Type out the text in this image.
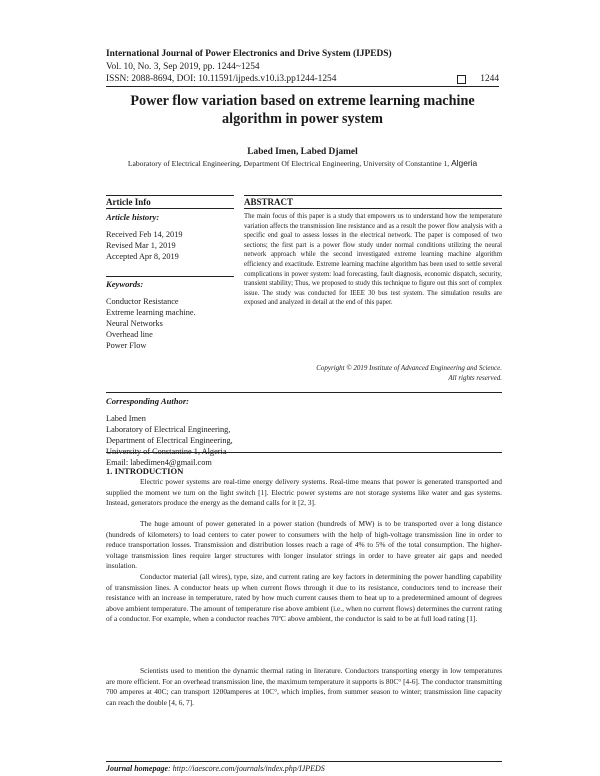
International Journal of Power Electronics and Drive System (IJPEDS)
Vol. 10, No. 3, Sep 2019, pp. 1244~1254
ISSN: 2088-8694, DOI: 10.11591/ijpeds.v10.i3.pp1244-1254	1244
Power flow variation based on extreme learning machine
algorithm in power system
Labed Imen, Labed Djamel
Laboratory of Electrical Engineering, Department Of Electrical Engineering, University of Constantine 1, Algeria
Article Info	ABSTRACT
Article history:
Received Feb 14, 2019
Revised Mar 1, 2019
Accepted Apr 8, 2019
Keywords:
Conductor Resistance
Extreme learning machine.
Neural Networks
Overhead line
Power Flow
The main focus of this paper is a study that empowers us to understand how the temperature variation affects the transmission line resistance and as a result the power flow analysis with a specific end goal to assess losses in the electrical network. The paper is composed of two sections; the first part is a power flow study under normal conditions utilizing the neural network approach while the second investigated extreme learning machine algorithm efficiency and exactitude. Extreme learning machine algorithm has been used to settle several complications in power system: load forecasting, fault diagnosis, economic dispatch, security, transient stability; Thus, we proposed to study this technique to figure out this sort of complex issue. The study was conducted for IEEE 30 bus test system. The simulation results are exposed and analyzed in detail at the end of this paper.
Copyright © 2019 Institute of Advanced Engineering and Science.
All rights reserved.
Corresponding Author:
Labed Imen
Laboratory of Electrical Engineering,
Department of Electrical Engineering,
University of Constantine 1, Algeria
Email: labedimen4@gmail.com
1. INTRODUCTION
Electric power systems are real-time energy delivery systems. Real-time means that power is generated transported and supplied the moment we turn on the light switch [1]. Electric power systems are not storage systems like water and gas systems. Instead, generators produce the energy as the demand calls for it [2, 3].
The huge amount of power generated in a power station (hundreds of MW) is to be transported over a long distance (hundreds of kilometers) to load centers to cater power to consumers with the help of high-voltage transmission line in order to reduce transportation losses. Transmission and distribution losses reach a rage of 4% to 5% of the total consumption. The higher-voltage transmission lines require larger structures with longer insulator strings in order to have greater air gaps and needed insulation.
Conductor material (all wires), type, size, and current rating are key factors in determining the power handling capability of transmission lines. A conductor heats up when current flows through it due to its resistance, conductors tend to increase their resistance with an increase in temperature, rated by how much current causes them to heat up to a predetermined amount of degrees above ambient temperature. The amount of temperature rise above ambient (i.e., when no current flows) determines the current rating of a conductor. For example, when a conductor reaches 70ºC above ambient, the conductor is said to be at full load rating [1].
Scientists used to mention the dynamic thermal rating in literature. Conductors transporting energy in low temperatures are more efficient. For an overhead transmission line, the maximum temperature it supports is 80C° [4-6]. The conductor transmitting 700 amperes at 40C; can transport 1200amperes at 10C°, which implies, from summer season to winter; transmission line capacity can reach the double [4, 6, 7].
Journal homepage: http://iaescore.com/journals/index.php/IJPEDS
